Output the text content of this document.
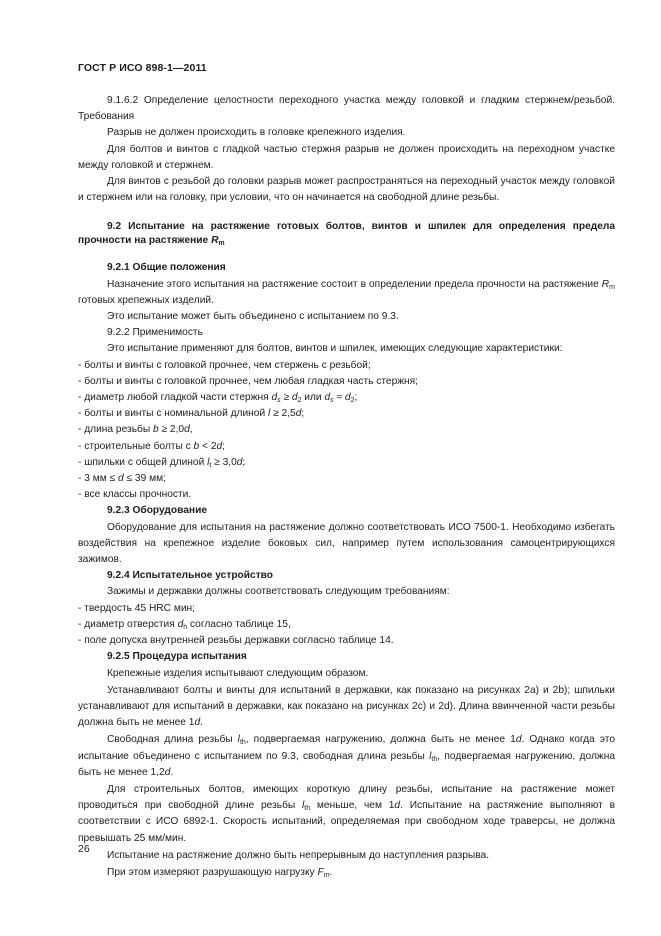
ГОСТ Р ИСО 898-1—2011

9.1.6.2 Определение целостности переходного участка между головкой и гладким стержнем/резьбой. Требования

Разрыв не должен происходить в головке крепежного изделия.

Для болтов и винтов с гладкой частью стержня разрыв не должен происходить на переходном участке между головкой и стержнем.

Для винтов с резьбой до головки разрыв может распространяться на переходный участок между головкой и стержнем или на головку, при условии, что он начинается на свободной длине резьбы.

9.2 Испытание на растяжение готовых болтов, винтов и шпилек для определения предела прочности на растяжение $R_m$

9.2.1 Общие положения

Назначение этого испытания на растяжение состоит в определении предела прочности на растяжение $R_m$ готовых крепежных изделий.

Это испытание может быть объединено с испытанием по 9.3.

9.2.2 Применимость

Это испытание применяют для болтов, винтов и шпилек, имеющих следующие характеристики:

- болты и винты с головкой прочнее, чем стержень с резьбой;

- болты и винты с головкой прочнее, чем любая гладкая часть стержня;

- диаметр любой гладкой части стержня $d_s \ge d_2$ или $d_s \approx d_2$;

- болты и винты с номинальной длиной l ≥ 2,5d;

- длина резьбы b ≥ 2,0d,

- строительные болты с b < 2d;

- шпильки с общей длиной $l_t \ge 3,0d$;

- 3 мм ≤ d ≤ 39 мм;

- все классы прочности.

9.2.3 Оборудование

Оборудование для испытания на растяжение должно соответствовать ИСО 7500-1. Необходимо избегать воздействия на крепежное изделие боковых сил, например путем использования самоцентрирующихся зажимов.

9.2.4 Испытательное устройство

Зажимы и державки должны соответствовать следующим требованиям:

- твердость 45 HRC мин;

- диаметр отверстия $d_h$ согласно таблице 15,

- поле допуска внутренней резьбы державки согласно таблице 14.

9.2.5 Процедура испытания

Крепежные изделия испытывают следующим образом.

Устанавливают болты и винты для испытаний в державки, как показано на рисунках 2а) и 2b); шпильки устанавливают для испытаний в державки, как показано на рисунках 2c) и 2d). Длина ввинченной части резьбы должна быть не менее 1d.

Свободная длина резьбы $l_{th}$, подвергаемая нагружению, должна быть не менее 1d. Однако когда это испытание объединено с испытанием по 9.3, свободная длина резьбы $l_{th}$, подвергаемая нагружению, должна быть не менее 1,2d.

Для строительных болтов, имеющих короткую длину резьбы, испытание на растяжение может проводиться при свободной длине резьбы $l_{th}$ меньше, чем 1d. Испытание на растяжение выполняют в соответствии с ИСО 6892-1. Скорость испытаний, определяемая при свободном ходе траверсы, не должна превышать 25 мм/мин.

Испытание на растяжение должно быть непрерывным до наступления разрыва.

При этом измеряют разрушающую нагрузку $F_m$.

26
